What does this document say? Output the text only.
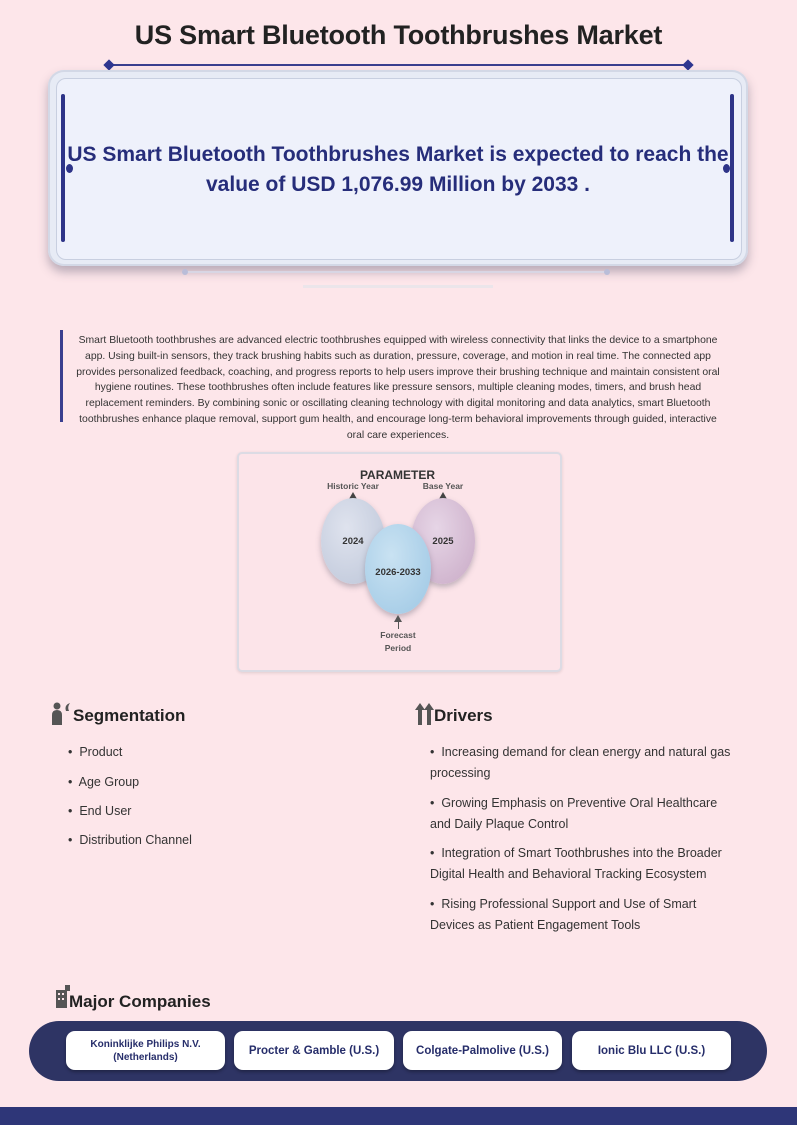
US Smart Bluetooth Toothbrushes Market
US Smart Bluetooth Toothbrushes Market is expected to reach the value of USD 1,076.99 Million by 2033 .
Smart Bluetooth toothbrushes are advanced electric toothbrushes equipped with wireless connectivity that links the device to a smartphone app. Using built-in sensors, they track brushing habits such as duration, pressure, coverage, and motion in real time. The connected app provides personalized feedback, coaching, and progress reports to help users improve their brushing technique and maintain consistent oral hygiene routines. These toothbrushes often include features like pressure sensors, multiple cleaning modes, timers, and brush head replacement reminders. By combining sonic or oscillating cleaning technology with digital monitoring and data analytics, smart Bluetooth toothbrushes enhance plaque removal, support gum health, and encourage long-term behavioral improvements through guided, interactive oral care experiences.
PARAMETER
Historic Year	Base Year
2024	2025
2026-2033
Forecast
Period
Segmentation
•  Product
•  Age Group
•  End User
•  Distribution Channel
Drivers
•  Increasing demand for clean energy and natural gas processing
•  Growing Emphasis on Preventive Oral Healthcare and Daily Plaque Control
•  Integration of Smart Toothbrushes into the Broader Digital Health and Behavioral Tracking Ecosystem
•  Rising Professional Support and Use of Smart Devices as Patient Engagement Tools
Major Companies
Koninklijke Philips N.V. (Netherlands)
Procter & Gamble (U.S.)	Colgate-Palmolive (U.S.)	Ionic Blu LLC (U.S.)
